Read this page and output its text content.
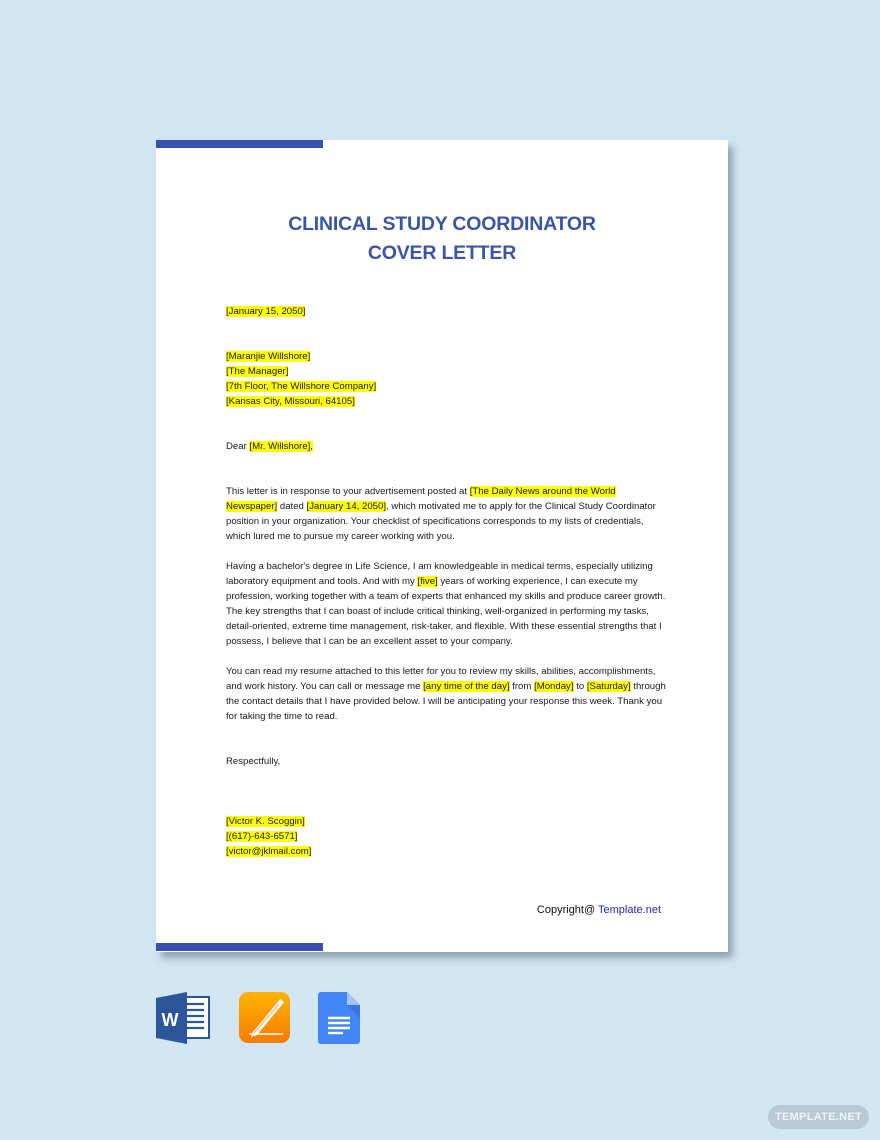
CLINICAL STUDY COORDINATOR
COVER LETTER

[January 15, 2050]

[Maranjie Willshore]

[The Manager]

[7th Floor, The Willshore Company]

[Kansas City, Missouri, 64105]

Dear [Mr. Willshore],

This letter is in response to your advertisement posted at [The Daily News around the World Newspaper] dated [January 14, 2050], which motivated me to apply for the Clinical Study Coordinator position in your organization. Your checklist of specifications corresponds to my lists of credentials, which lured me to pursue my career working with you.

Having a bachelor's degree in Life Science, I am knowledgeable in medical terms, especially utilizing laboratory equipment and tools. And with my [five] years of working experience, I can execute my profession, working together with a team of experts that enhanced my skills and produce career growth. The key strengths that I can boast of include critical thinking, well-organized in performing my tasks, detail-oriented, extreme time management, risk-taker, and flexible. With these essential strengths that I possess, I believe that I can be an excellent asset to your company.

You can read my resume attached to this letter for you to review my skills, abilities, accomplishments, and work history. You can call or message me [any time of the day] from [Monday] to [Saturday] through the contact details that I have provided below. I will be anticipating your response this week. Thank you for taking the time to read.

Respectfully,

[Victor K. Scoggin]

[(617)-643-6571]

[victor@jklmail.com]

Copyright@ Template.net
W
TEMPLATE.NET
